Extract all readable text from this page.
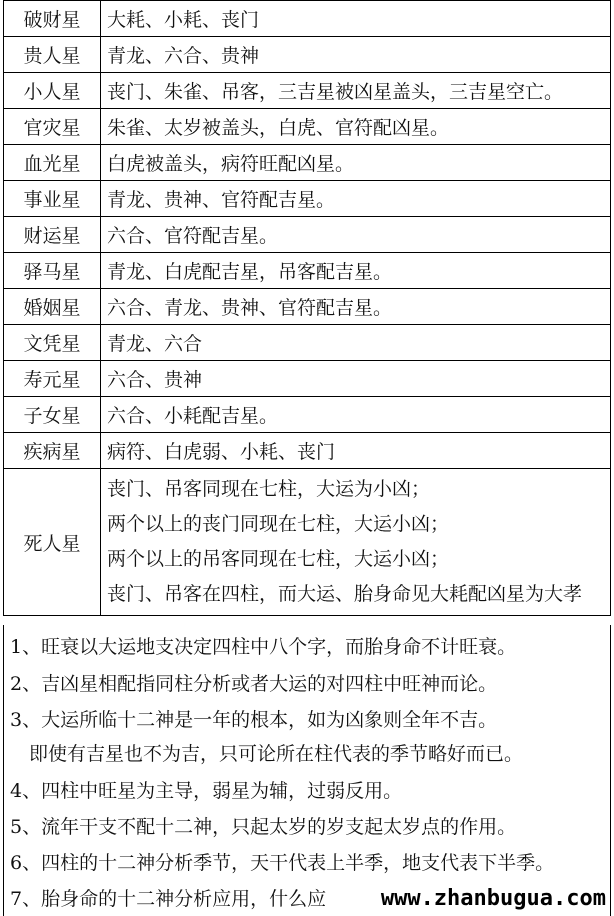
破财星	大耗、小耗、丧门
贵人星	青龙、六合、贵神
小人星	丧门、朱雀、吊客，三吉星被凶星盖头，三吉星空亡。
官灾星	朱雀、太岁被盖头，白虎、官符配凶星。
血光星	白虎被盖头，病符旺配凶星。
事业星	青龙、贵神、官符配吉星。
财运星	六合、官符配吉星。
驿马星	青龙、白虎配吉星，吊客配吉星。
婚姻星	六合、青龙、贵神、官符配吉星。
文凭星	青龙、六合
寿元星	六合、贵神
子女星	六合、小耗配吉星。
疾病星	病符、白虎弱、小耗、丧门
死人星	丧门、吊客同现在七柱，大运为小凶；
两个以上的丧门同现在七柱，大运小凶；
两个以上的吊客同现在七柱，大运小凶；
丧门、吊客在四柱，而大运、胎身命见大耗配凶星为大孝
1、旺衰以大运地支决定四柱中八个字，而胎身命不计旺衰。
2、吉凶星相配指同柱分析或者大运的对四柱中旺神而论。
3、大运所临十二神是一年的根本，如为凶象则全年不吉。
　即使有吉星也不为吉，只可论所在柱代表的季节略好而已。
4、四柱中旺星为主导，弱星为辅，过弱反用。
5、流年干支不配十二神，只起太岁的岁支起太岁点的作用。
6、四柱的十二神分析季节，天干代表上半季，地支代表下半季。
7、胎身命的十二神分析应用，什么应	www.zhanbugua.com
